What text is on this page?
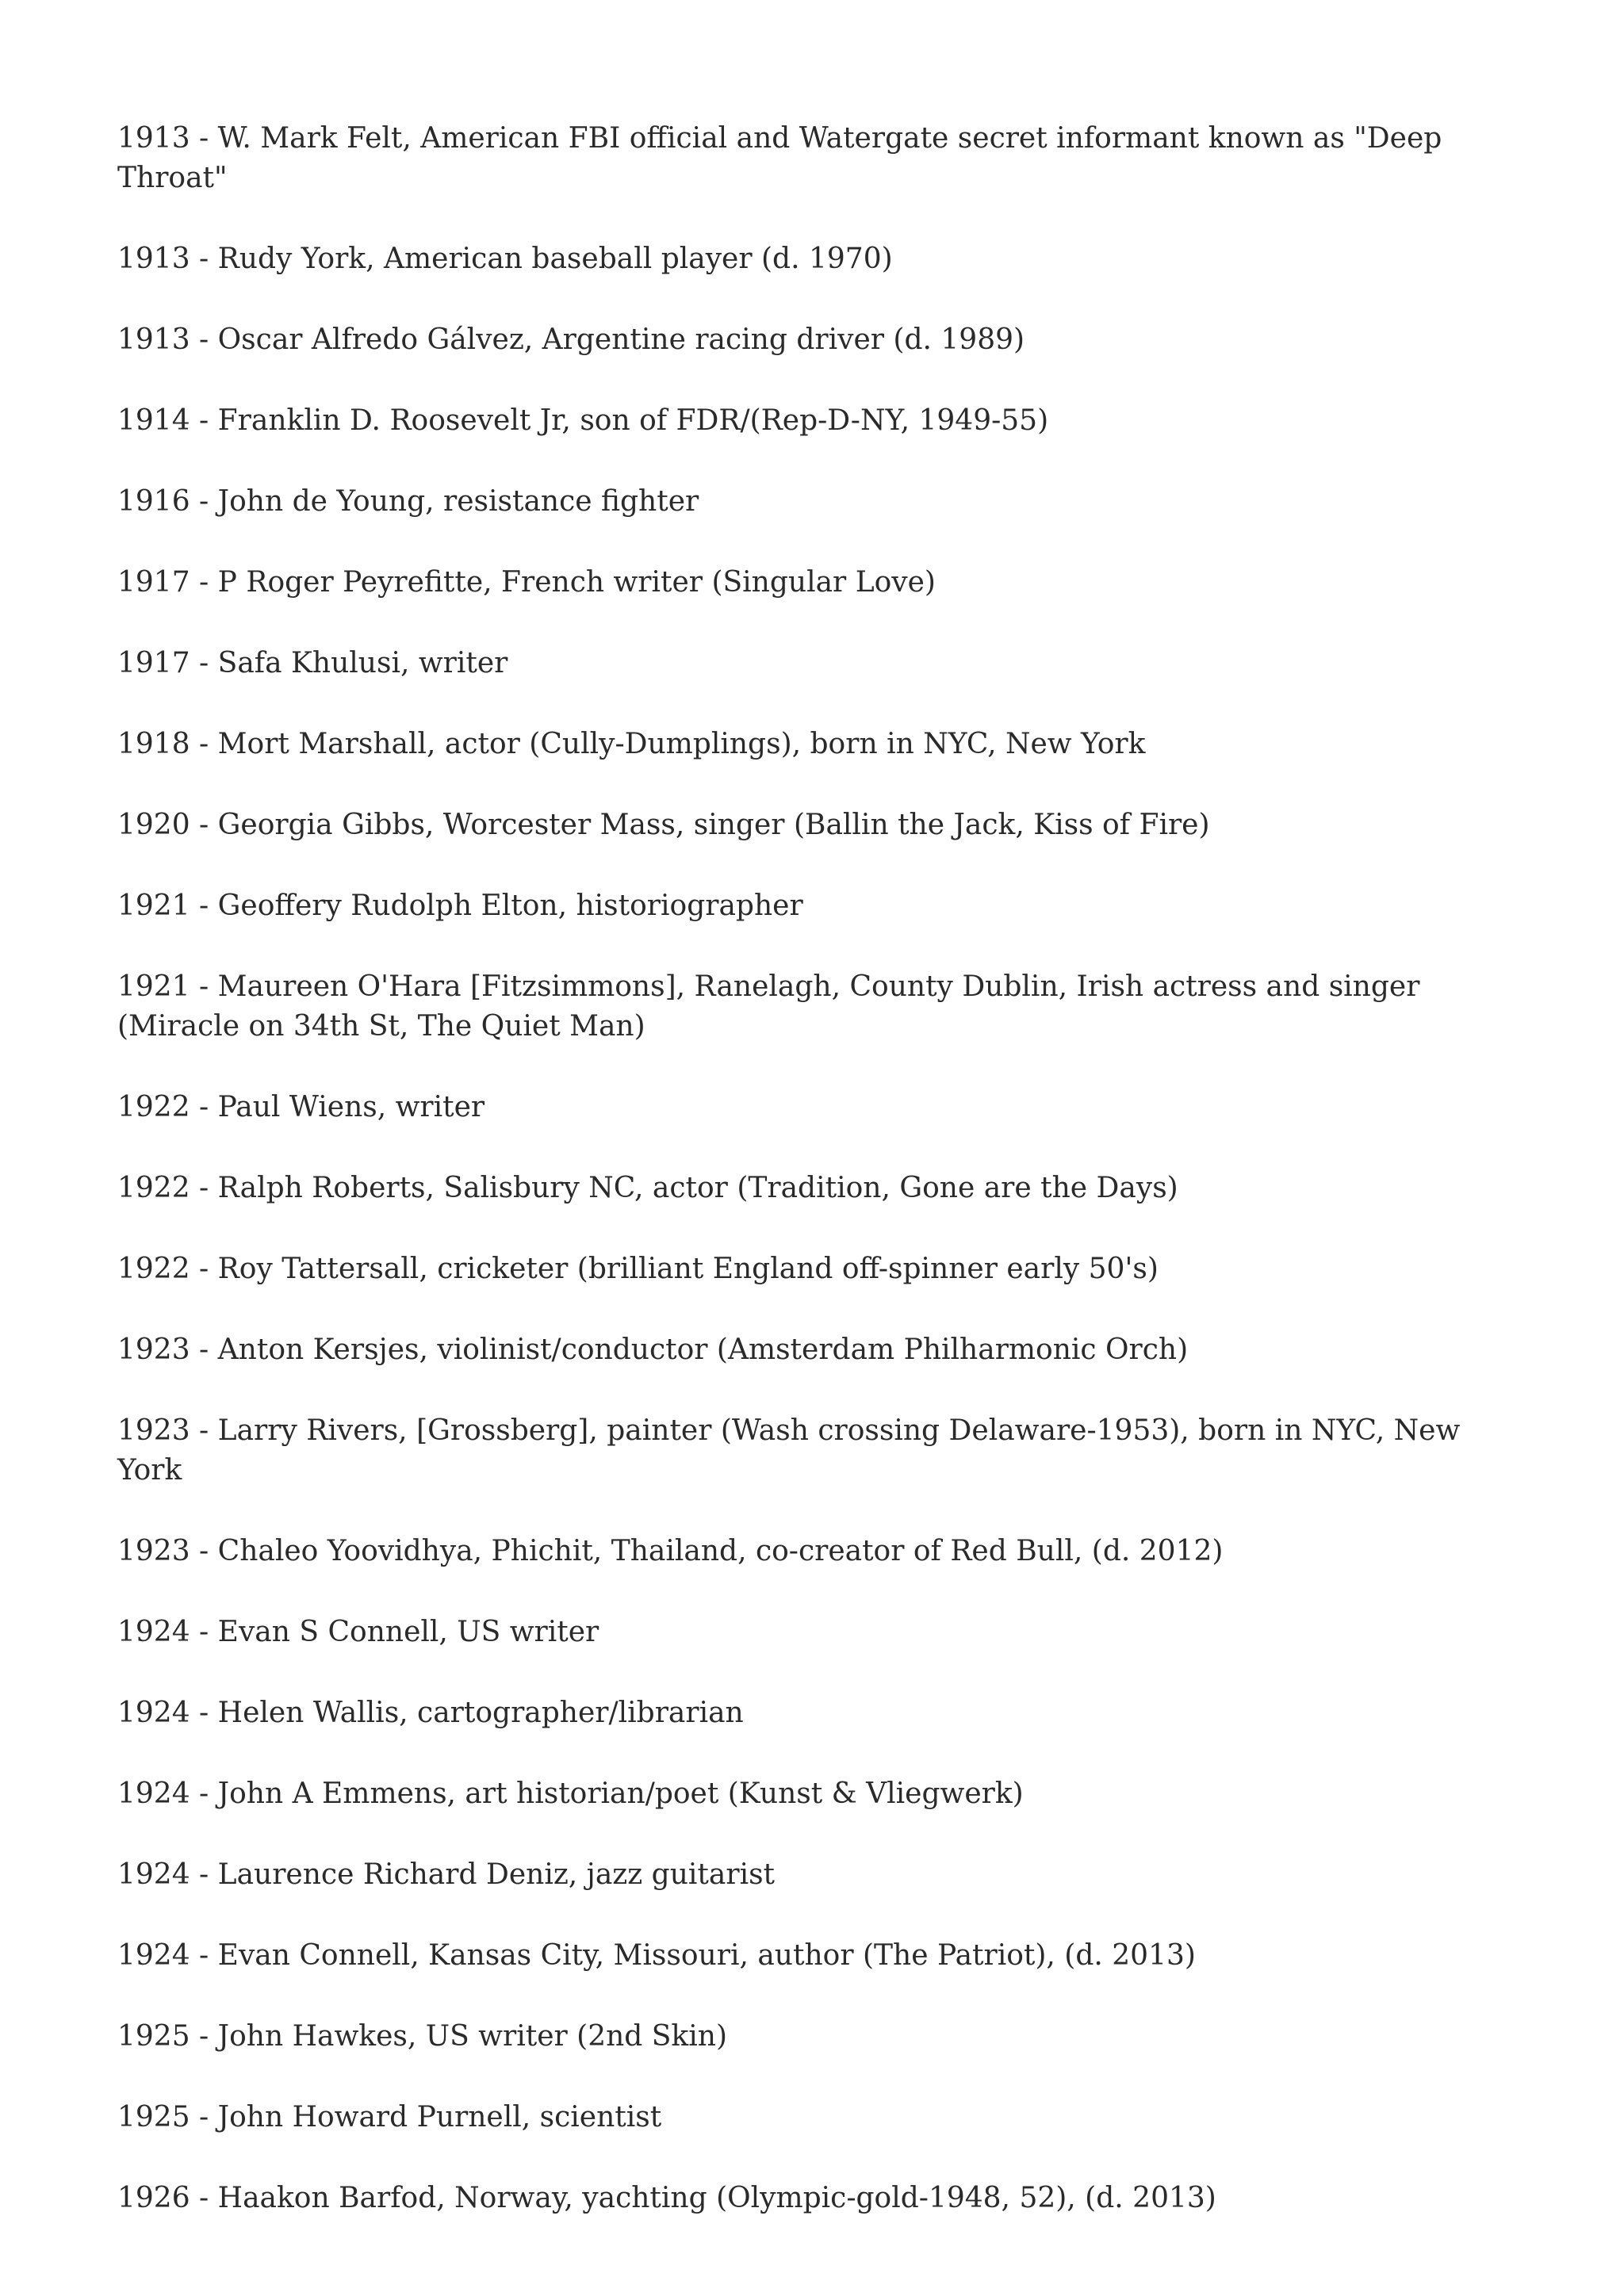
1913 - W. Mark Felt, American FBI official and Watergate secret informant known as "Deep Throat"

1913 - Rudy York, American baseball player (d. 1970)

1913 - Oscar Alfredo Gálvez, Argentine racing driver (d. 1989)

1914 - Franklin D. Roosevelt Jr, son of FDR/(Rep-D-NY, 1949-55)

1916 - John de Young, resistance fighter

1917 - P Roger Peyrefitte, French writer (Singular Love)

1917 - Safa Khulusi, writer

1918 - Mort Marshall, actor (Cully-Dumplings), born in NYC, New York

1920 - Georgia Gibbs, Worcester Mass, singer (Ballin the Jack, Kiss of Fire)

1921 - Geoffery Rudolph Elton, historiographer

1921 - Maureen O'Hara [Fitzsimmons], Ranelagh, County Dublin, Irish actress and singer (Miracle on 34th St, The Quiet Man)

1922 - Paul Wiens, writer

1922 - Ralph Roberts, Salisbury NC, actor (Tradition, Gone are the Days)

1922 - Roy Tattersall, cricketer (brilliant England off-spinner early 50's)

1923 - Anton Kersjes, violinist/conductor (Amsterdam Philharmonic Orch)

1923 - Larry Rivers, [Grossberg], painter (Wash crossing Delaware-1953), born in NYC, New York

1923 - Chaleo Yoovidhya, Phichit, Thailand, co-creator of Red Bull, (d. 2012)

1924 - Evan S Connell, US writer

1924 - Helen Wallis, cartographer/librarian

1924 - John A Emmens, art historian/poet (Kunst & Vliegwerk)

1924 - Laurence Richard Deniz, jazz guitarist

1924 - Evan Connell, Kansas City, Missouri, author (The Patriot), (d. 2013)

1925 - John Hawkes, US writer (2nd Skin)

1925 - John Howard Purnell, scientist

1926 - Haakon Barfod, Norway, yachting (Olympic-gold-1948, 52), (d. 2013)
